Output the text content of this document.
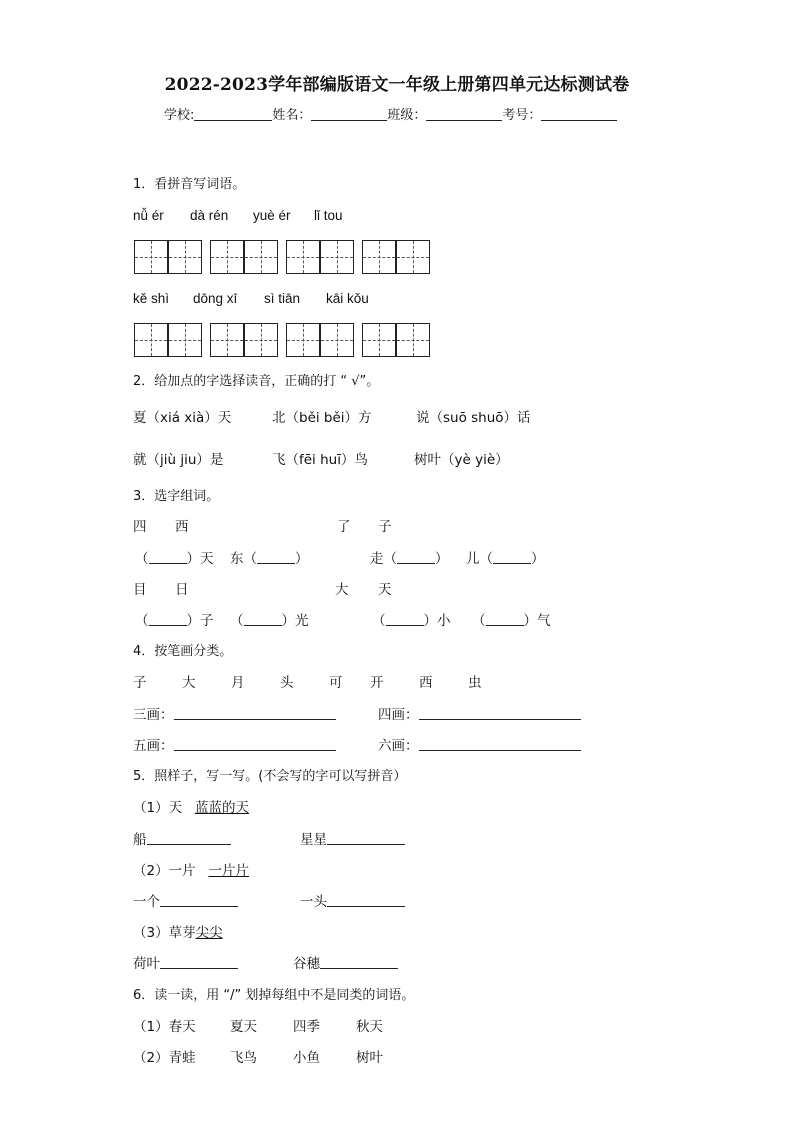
2022-2023学年部编版语文一年级上册第四单元达标测试卷
学校:	姓名：	班级：	考号：
1．看拼音写词语。
nǚ ér dà rén yuè ér lǐ tou
kě shì dōng xī sì tiān kāi kǒu
2．给加点的字选择读音，正确的打 “ √”。
夏（xiá xià）天	北（běi běi）方	说（suō shuō）话
就（jiù jiu）是	飞（fēi huī）鸟	树叶（yè yiè）
3．选字组词。
四 西	了 子
（	）天 东（	）	走（	） 儿（	）
目 日	大 天
（	）子 （	）光	（	）小 （	）气
4．按笔画分类。
子	大	月	头	可 开	西	虫
三画：	四画：
五画：	六画：
5．照样子，写一写。(不会写的字可以写拼音）
（1）天 蓝蓝的天
船	星星
（2）一片 一片片
一个	一头
（3）草芽尖尖
荷叶	谷穗
6．读一读，用 “/” 划掉每组中不是同类的词语。
（1）春天	夏天	四季	秋天
（2）青蛙	飞鸟	小鱼	树叶
